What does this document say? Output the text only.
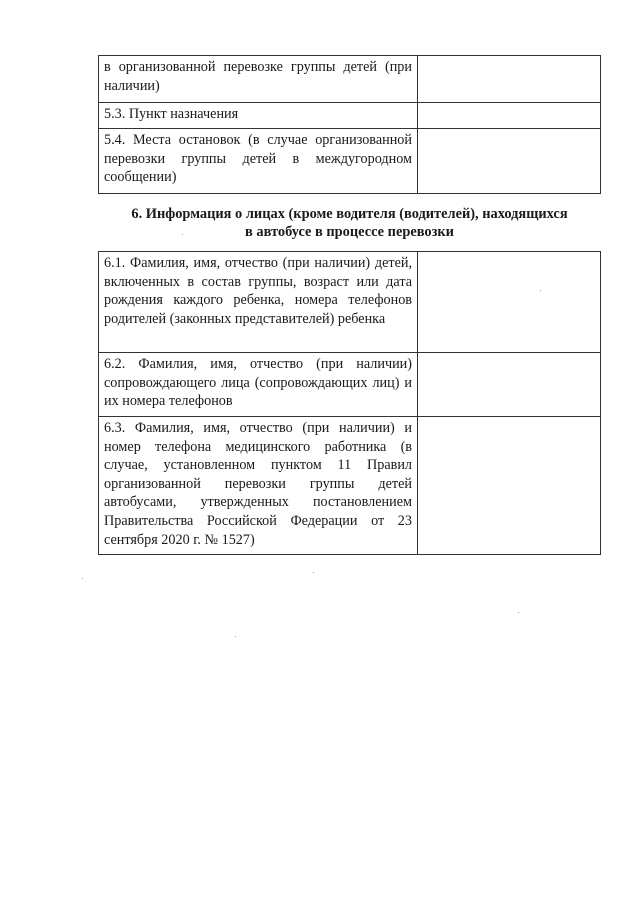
в организованной перевозке группы детей (при наличии)	
5.3. Пункт назначения	
5.4. Места остановок (в случае организованной перевозки группы детей в междугородном сообщении)	
6. Информация о лицах (кроме водителя (водителей), находящихся
в автобусе в процессе перевозки
6.1. Фамилия, имя, отчество (при наличии) детей, включенных в состав группы, возраст или дата рождения каждого ребенка, номера телефонов родителей (законных представителей) ребенка	
6.2. Фамилия, имя, отчество (при наличии) сопровождающего лица (сопровождающих лиц) и их номера телефонов	
6.3. Фамилия, имя, отчество (при наличии) и номер телефона медицинского работника (в случае, установленном пунктом 11 Правил организованной перевозки группы детей автобусами, утвержденных постановлением Правительства Российской Федерации от 23 сентября 2020 г. № 1527)	
